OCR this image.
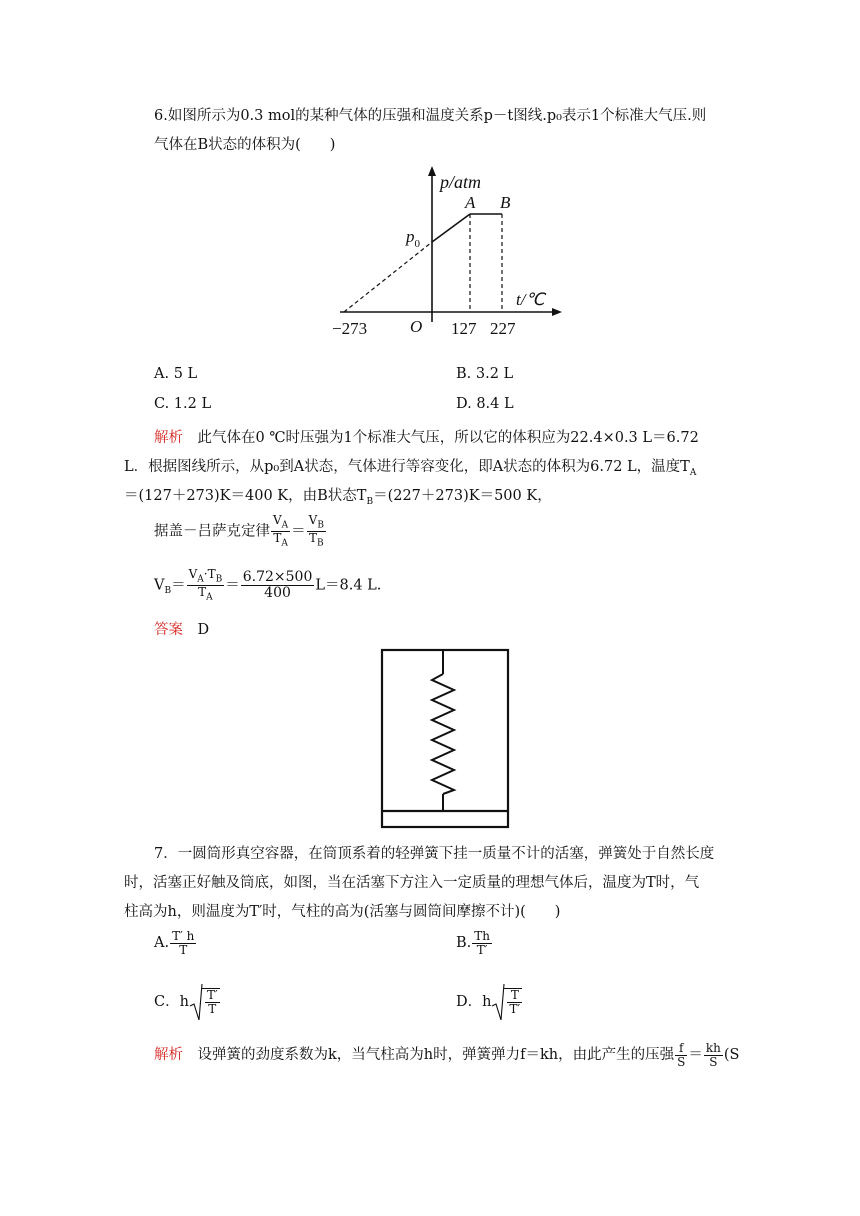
6.如图所示为0.3 mol的某种气体的压强和温度关系p－t图线.p₀表示1个标准大气压.则
气体在B状态的体积为(　　)
p/atm
t/℃
A B
$p_0$
O
−273	127 227
A. 5 L	B. 3.2 L
C. 1.2 L	D. 8.4 L
解析　 此气体在0 ℃时压强为1个标准大气压，所以它的体积应为22.4×0.3 L＝6.72
L．根据图线所示，从p₀到A状态，气体进行等容变化，即A状态的体积为6.72 L，温度$T_A$
＝(127＋273)K＝400 K，由B状态$T_B=(227+273)K=500$ K，
据盖－吕萨克定律 $\frac{V_A}{T_A} = \frac{V_B}{T_B}$
$V_B= \frac{V_A\cdot T_B}{T_A} = \frac{6.72\times 500}{400} L=8.4$ L.
答案　 D
7．一圆筒形真空容器，在筒顶系着的轻弹簧下挂一质量不计的活塞，弹簧处于自然长度
时，活塞正好触及筒底，如图，当在活塞下方注入一定质量的理想气体后，温度为T时，气
柱高为h，则温度为T′时，气柱的高为(活塞与圆筒间摩擦不计)(　　)
A. $\frac{T' h}{T}$	B. $\frac{Th}{T'}$
C．h $\frac{T'}{T}$	D．h $\frac{T}{T'}$
解析　 设弹簧的劲度系数为k，当气柱高为h时，弹簧弹力f＝kh，由此产生的压强 $\frac{f}{S} = \frac{kh}{S} (S$
